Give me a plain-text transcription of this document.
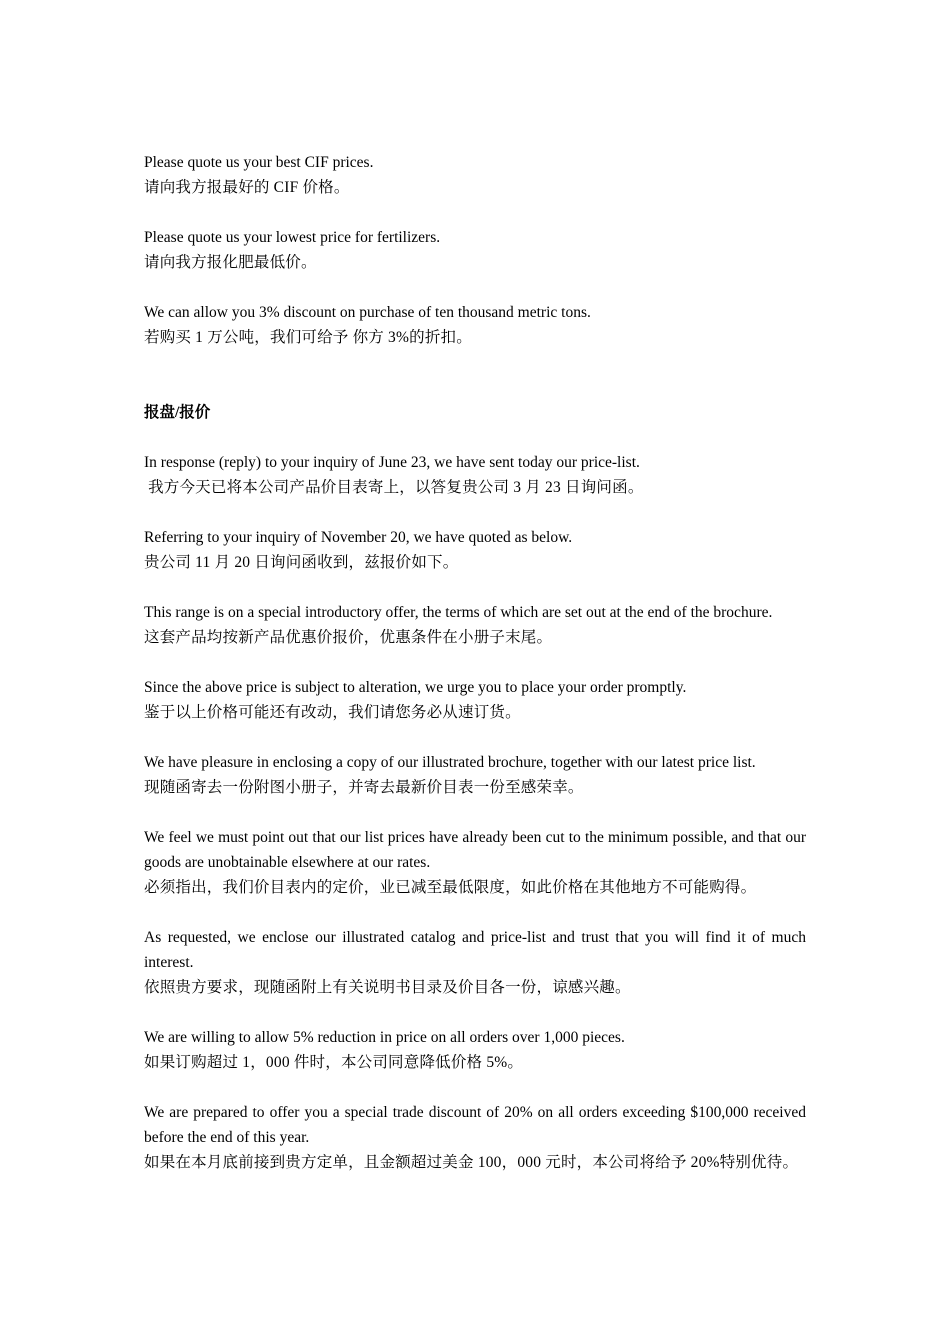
Please quote us your best CIF prices.
请向我方报最好的 CIF 价格。
Please quote us your lowest price for fertilizers.
请向我方报化肥最低价。
We can allow you 3% discount on purchase of ten thousand metric tons.
若购买 1 万公吨，我们可给予 你方 3%的折扣。
报盘/报价
In response (reply) to your inquiry of June 23, we have sent today our price-list.
我方今天已将本公司产品价目表寄上，以答复贵公司 3 月 23 日询问函。
Referring to your inquiry of November 20, we have quoted as below.
贵公司 11 月 20 日询问函收到，兹报价如下。
This range is on a special introductory offer, the terms of which are set out at the end of the brochure.
这套产品均按新产品优惠价报价，优惠条件在小册子末尾。
Since the above price is subject to alteration, we urge you to place your order promptly.
鉴于以上价格可能还有改动，我们请您务必从速订货。
We have pleasure in enclosing a copy of our illustrated brochure, together with our latest price list.
现随函寄去一份附图小册子，并寄去最新价目表一份至感荣幸。
We feel we must point out that our list prices have already been cut to the minimum possible, and that our goods are unobtainable elsewhere at our rates.
必须指出，我们价目表内的定价，业已减至最低限度，如此价格在其他地方不可能购得。
As requested, we enclose our illustrated catalog and price-list and trust that you will find it of much interest.
依照贵方要求，现随函附上有关说明书目录及价目各一份，谅感兴趣。
We are willing to allow 5% reduction in price on all orders over 1,000 pieces.
如果订购超过 1，000 件时，本公司同意降低价格 5%。
We are prepared to offer you a special trade discount of 20% on all orders exceeding $100,000 received before the end of this year.
如果在本月底前接到贵方定单，且金额超过美金 100，000 元时，本公司将给予 20%特别优待。
